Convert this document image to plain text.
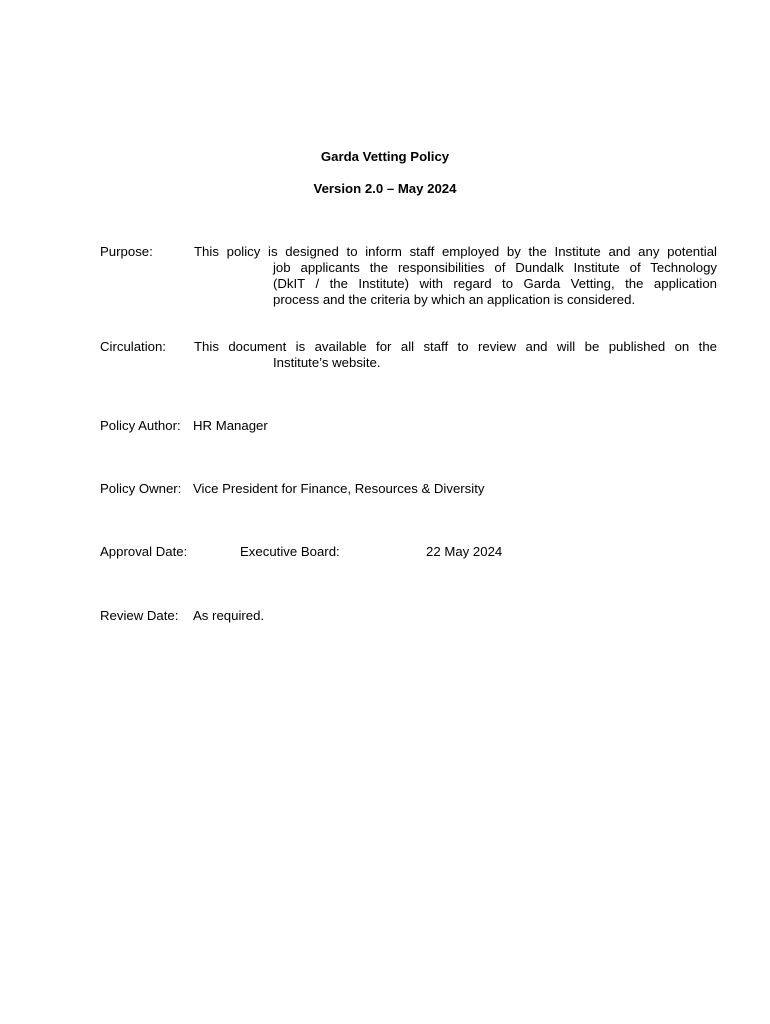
Garda Vetting Policy
Version 2.0 – May 2024
Purpose:	This policy is designed to inform staff employed by the Institute and any potential
job applicants the responsibilities of Dundalk Institute of Technology
(DkIT / the Institute) with regard to Garda Vetting, the application
process and the criteria by which an application is considered.
Circulation: This document is available for all staff to review and will be published on the
Institute’s website.
Policy Author: HR Manager
Policy Owner: Vice President for Finance, Resources & Diversity
Approval Date:	Executive Board:	22 May 2024
Review Date: As required.
